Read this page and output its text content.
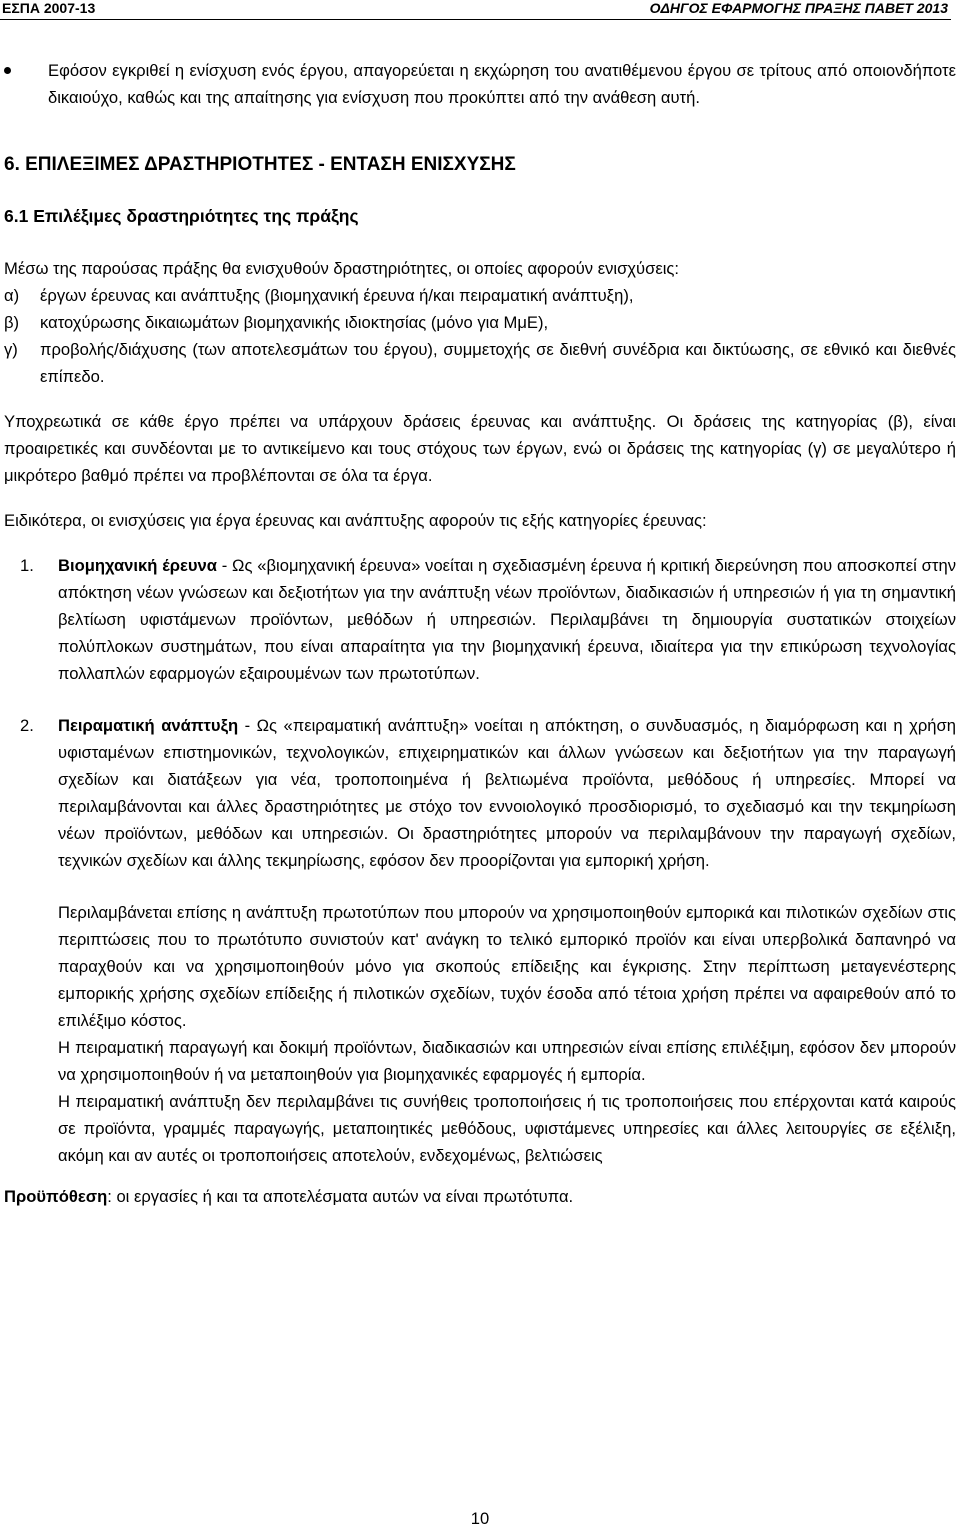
ΕΣΠΑ 2007-13	ΟΔΗΓΟΣ ΕΦΑΡΜΟΓΗΣ ΠΡΑΞΗΣ ΠΑΒΕΤ 2013
Εφόσον εγκριθεί η ενίσχυση ενός έργου, απαγορεύεται η εκχώρηση του ανατιθέμενου έργου σε τρίτους από οποιονδήποτε δικαιούχο, καθώς και της απαίτησης για ενίσχυση που προκύπτει από την ανάθεση αυτή.
6. ΕΠΙΛΕΞΙΜΕΣ ΔΡΑΣΤΗΡΙΟΤΗΤΕΣ - ΕΝΤΑΣΗ ΕΝΙΣΧΥΣΗΣ
6.1 Επιλέξιμες δραστηριότητες της πράξης

Μέσω της παρούσας πράξης θα ενισχυθούν δραστηριότητες, οι οποίες αφορούν ενισχύσεις:

α) έργων έρευνας και ανάπτυξης (βιομηχανική έρευνα ή/και πειραματική ανάπτυξη),
β) κατοχύρωσης δικαιωμάτων βιομηχανικής ιδιοκτησίας (μόνο για ΜμΕ),
γ) προβολής/διάχυσης (των αποτελεσμάτων του έργου), συμμετοχής σε διεθνή συνέδρια και δικτύωσης, σε εθνικό και διεθνές επίπεδο.

Υποχρεωτικά σε κάθε έργο πρέπει να υπάρχουν δράσεις έρευνας και ανάπτυξης. Οι δράσεις της κατηγορίας (β), είναι προαιρετικές και συνδέονται με το αντικείμενο και τους στόχους των έργων, ενώ οι δράσεις της κατηγορίας (γ) σε μεγαλύτερο ή μικρότερο βαθμό πρέπει να προβλέπονται σε όλα τα έργα.

Ειδικότερα, οι ενισχύσεις για έργα έρευνας και ανάπτυξης αφορούν τις εξής κατηγορίες έρευνας:

1. Βιομηχανική έρευνα - Ως «βιομηχανική έρευνα» νοείται η σχεδιασμένη έρευνα ή κριτική διερεύνηση που αποσκοπεί στην απόκτηση νέων γνώσεων και δεξιοτήτων για την ανάπτυξη νέων προϊόντων, διαδικασιών ή υπηρεσιών ή για τη σημαντική βελτίωση υφιστάμενων προϊόντων, μεθόδων ή υπηρεσιών. Περιλαμβάνει τη δημιουργία συστατικών στοιχείων πολύπλοκων συστημάτων, που είναι απαραίτητα για την βιομηχανική έρευνα, ιδιαίτερα για την επικύρωση τεχνολογίας πολλαπλών εφαρμογών εξαιρουμένων των πρωτοτύπων.
2. Πειραματική ανάπτυξη - Ως «πειραματική ανάπτυξη» νοείται η απόκτηση, ο συνδυασμός, η διαμόρφωση και η χρήση υφισταμένων επιστημονικών, τεχνολογικών, επιχειρηματικών και άλλων γνώσεων και δεξιοτήτων για την παραγωγή σχεδίων και διατάξεων για νέα, τροποποιημένα ή βελτιωμένα προϊόντα, μεθόδους ή υπηρεσίες. Μπορεί να περιλαμβάνονται και άλλες δραστηριότητες με στόχο τον εννοιολογικό προσδιορισμό, το σχεδιασμό και την τεκμηρίωση νέων προϊόντων, μεθόδων και υπηρεσιών. Οι δραστηριότητες μπορούν να περιλαμβάνουν την παραγωγή σχεδίων, τεχνικών σχεδίων και άλλης τεκμηρίωσης, εφόσον δεν προορίζονται για εμπορική χρήση.

Περιλαμβάνεται επίσης η ανάπτυξη πρωτοτύπων που μπορούν να χρησιμοποιηθούν εμπορικά και πιλοτικών σχεδίων στις περιπτώσεις που το πρωτότυπο συνιστούν κατ' ανάγκη το τελικό εμπορικό προϊόν και είναι υπερβολικά δαπανηρό να παραχθούν και να χρησιμοποιηθούν μόνο για σκοπούς επίδειξης και έγκρισης. Στην περίπτωση μεταγενέστερης εμπορικής χρήσης σχεδίων επίδειξης ή πιλοτικών σχεδίων, τυχόν έσοδα από τέτοια χρήση πρέπει να αφαιρεθούν από το επιλέξιμο κόστος.

Η πειραματική παραγωγή και δοκιμή προϊόντων, διαδικασιών και υπηρεσιών είναι επίσης επιλέξιμη, εφόσον δεν μπορούν να χρησιμοποιηθούν ή να μεταποιηθούν για βιομηχανικές εφαρμογές ή εμπορία.

Η πειραματική ανάπτυξη δεν περιλαμβάνει τις συνήθεις τροποποιήσεις ή τις τροποποιήσεις που επέρχονται κατά καιρούς σε προϊόντα, γραμμές παραγωγής, μεταποιητικές μεθόδους, υφιστάμενες υπηρεσίες και άλλες λειτουργίες σε εξέλιξη, ακόμη και αν αυτές οι τροποποιήσεις αποτελούν, ενδεχομένως, βελτιώσεις

Προϋπόθεση: οι εργασίες ή και τα αποτελέσματα αυτών να είναι πρωτότυπα.

10
